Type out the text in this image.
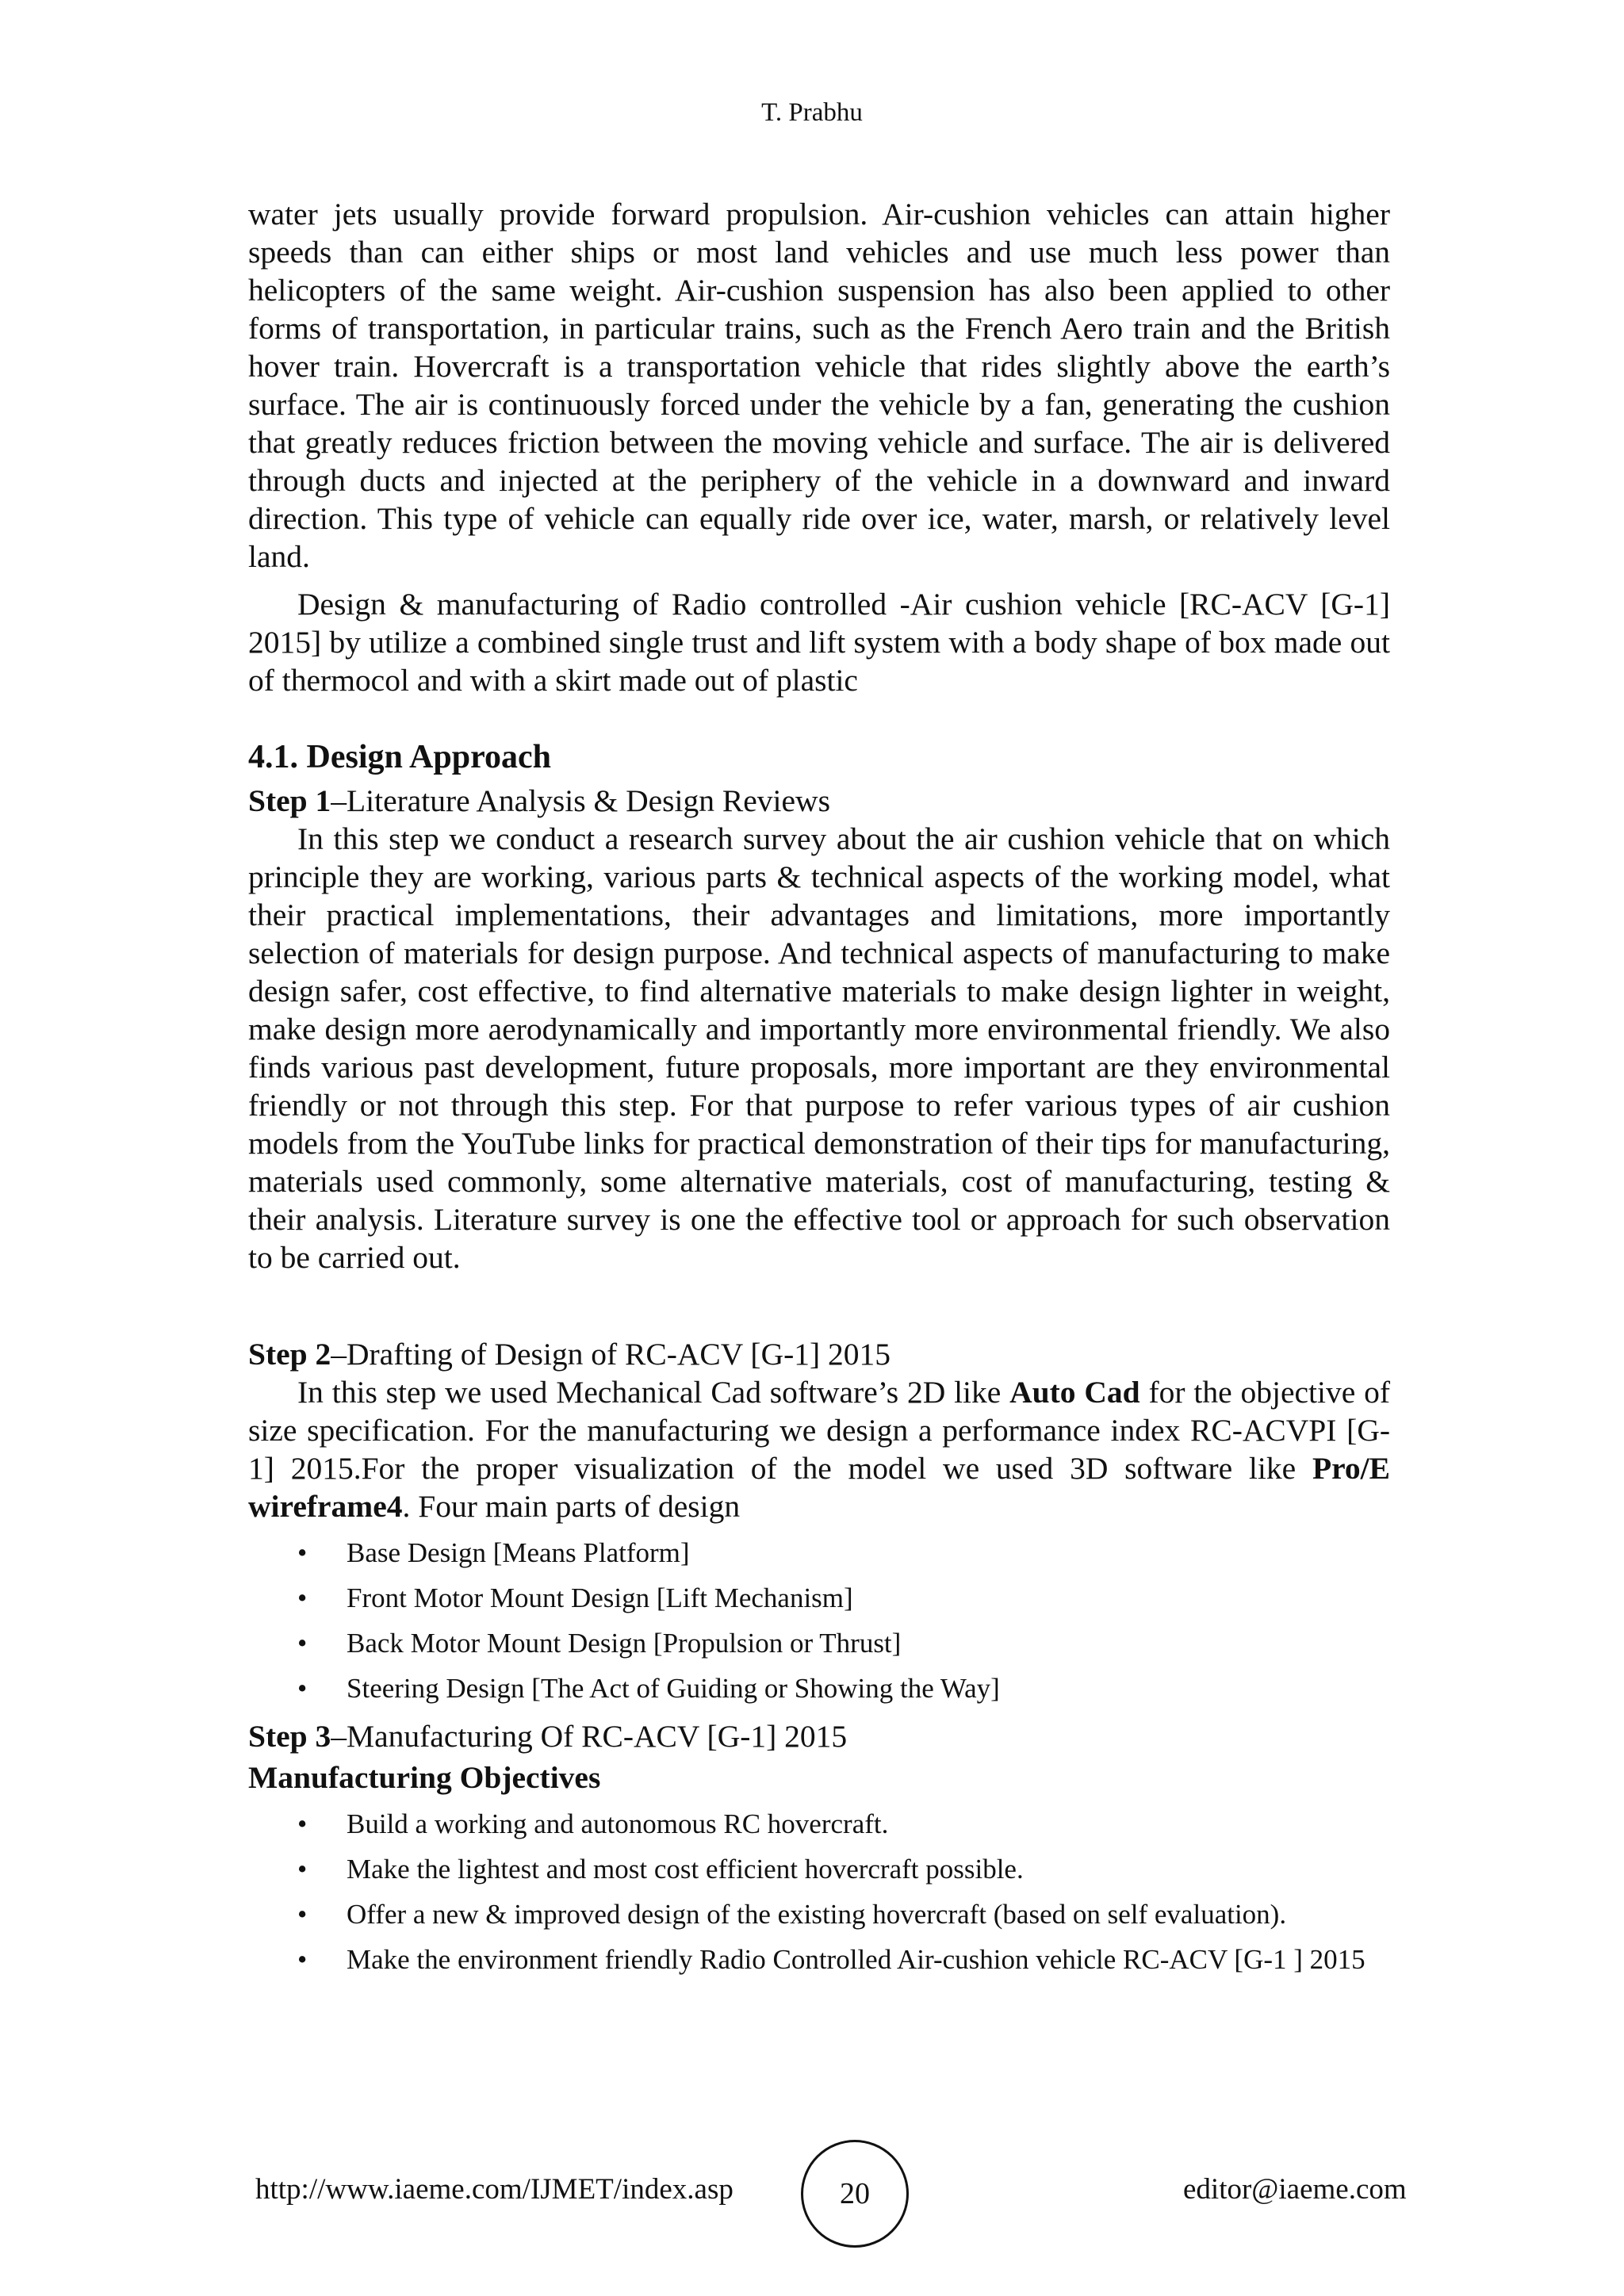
T. Prabhu

water jets usually provide forward propulsion. Air-cushion vehicles can attain higher speeds than can either ships or most land vehicles and use much less power than helicopters of the same weight. Air-cushion suspension has also been applied to other forms of transportation, in particular trains, such as the French Aero train and the British hover train. Hovercraft is a transportation vehicle that rides slightly above the earth’s surface. The air is continuously forced under the vehicle by a fan, generating the cushion that greatly reduces friction between the moving vehicle and surface. The air is delivered through ducts and injected at the periphery of the vehicle in a downward and inward direction. This type of vehicle can equally ride over ice, water, marsh, or relatively level land.

Design & manufacturing of Radio controlled -Air cushion vehicle [RC-ACV [G-1] 2015] by utilize a combined single trust and lift system with a body shape of box made out of thermocol and with a skirt made out of plastic

4.1. Design Approach
Step 1–Literature Analysis & Design Reviews

In this step we conduct a research survey about the air cushion vehicle that on which principle they are working, various parts & technical aspects of the working model, what their practical implementations, their advantages and limitations, more importantly selection of materials for design purpose. And technical aspects of manufacturing to make design safer, cost effective, to find alternative materials to make design lighter in weight, make design more aerodynamically and importantly more environmental friendly. We also finds various past development, future proposals, more important are they environmental friendly or not through this step. For that purpose to refer various types of air cushion models from the YouTube links for practical demonstration of their tips for manufacturing, materials used commonly, some alternative materials, cost of manufacturing, testing & their analysis. Literature survey is one the effective tool or approach for such observation to be carried out.

Step 2–Drafting of Design of RC-ACV [G-1] 2015

In this step we used Mechanical Cad software’s 2D like Auto Cad for the objective of size specification. For the manufacturing we design a performance index RC-ACVPI [G-1] 2015.For the proper visualization of the model we used 3D software like Pro/E wireframe4. Four main parts of design

• Base Design [Means Platform]
• Front Motor Mount Design [Lift Mechanism]
• Back Motor Mount Design [Propulsion or Thrust]
• Steering Design [The Act of Guiding or Showing the Way]
Step 3–Manufacturing Of RC-ACV [G-1] 2015
Manufacturing Objectives
• Build a working and autonomous RC hovercraft.
• Make the lightest and most cost efficient hovercraft possible.
• Offer a new & improved design of the existing hovercraft (based on self evaluation).
• Make the environment friendly Radio Controlled Air-cushion vehicle RC-ACV [G-1 ] 2015
http://www.iaeme.com/IJMET/index.asp	20	editor@iaeme.com
